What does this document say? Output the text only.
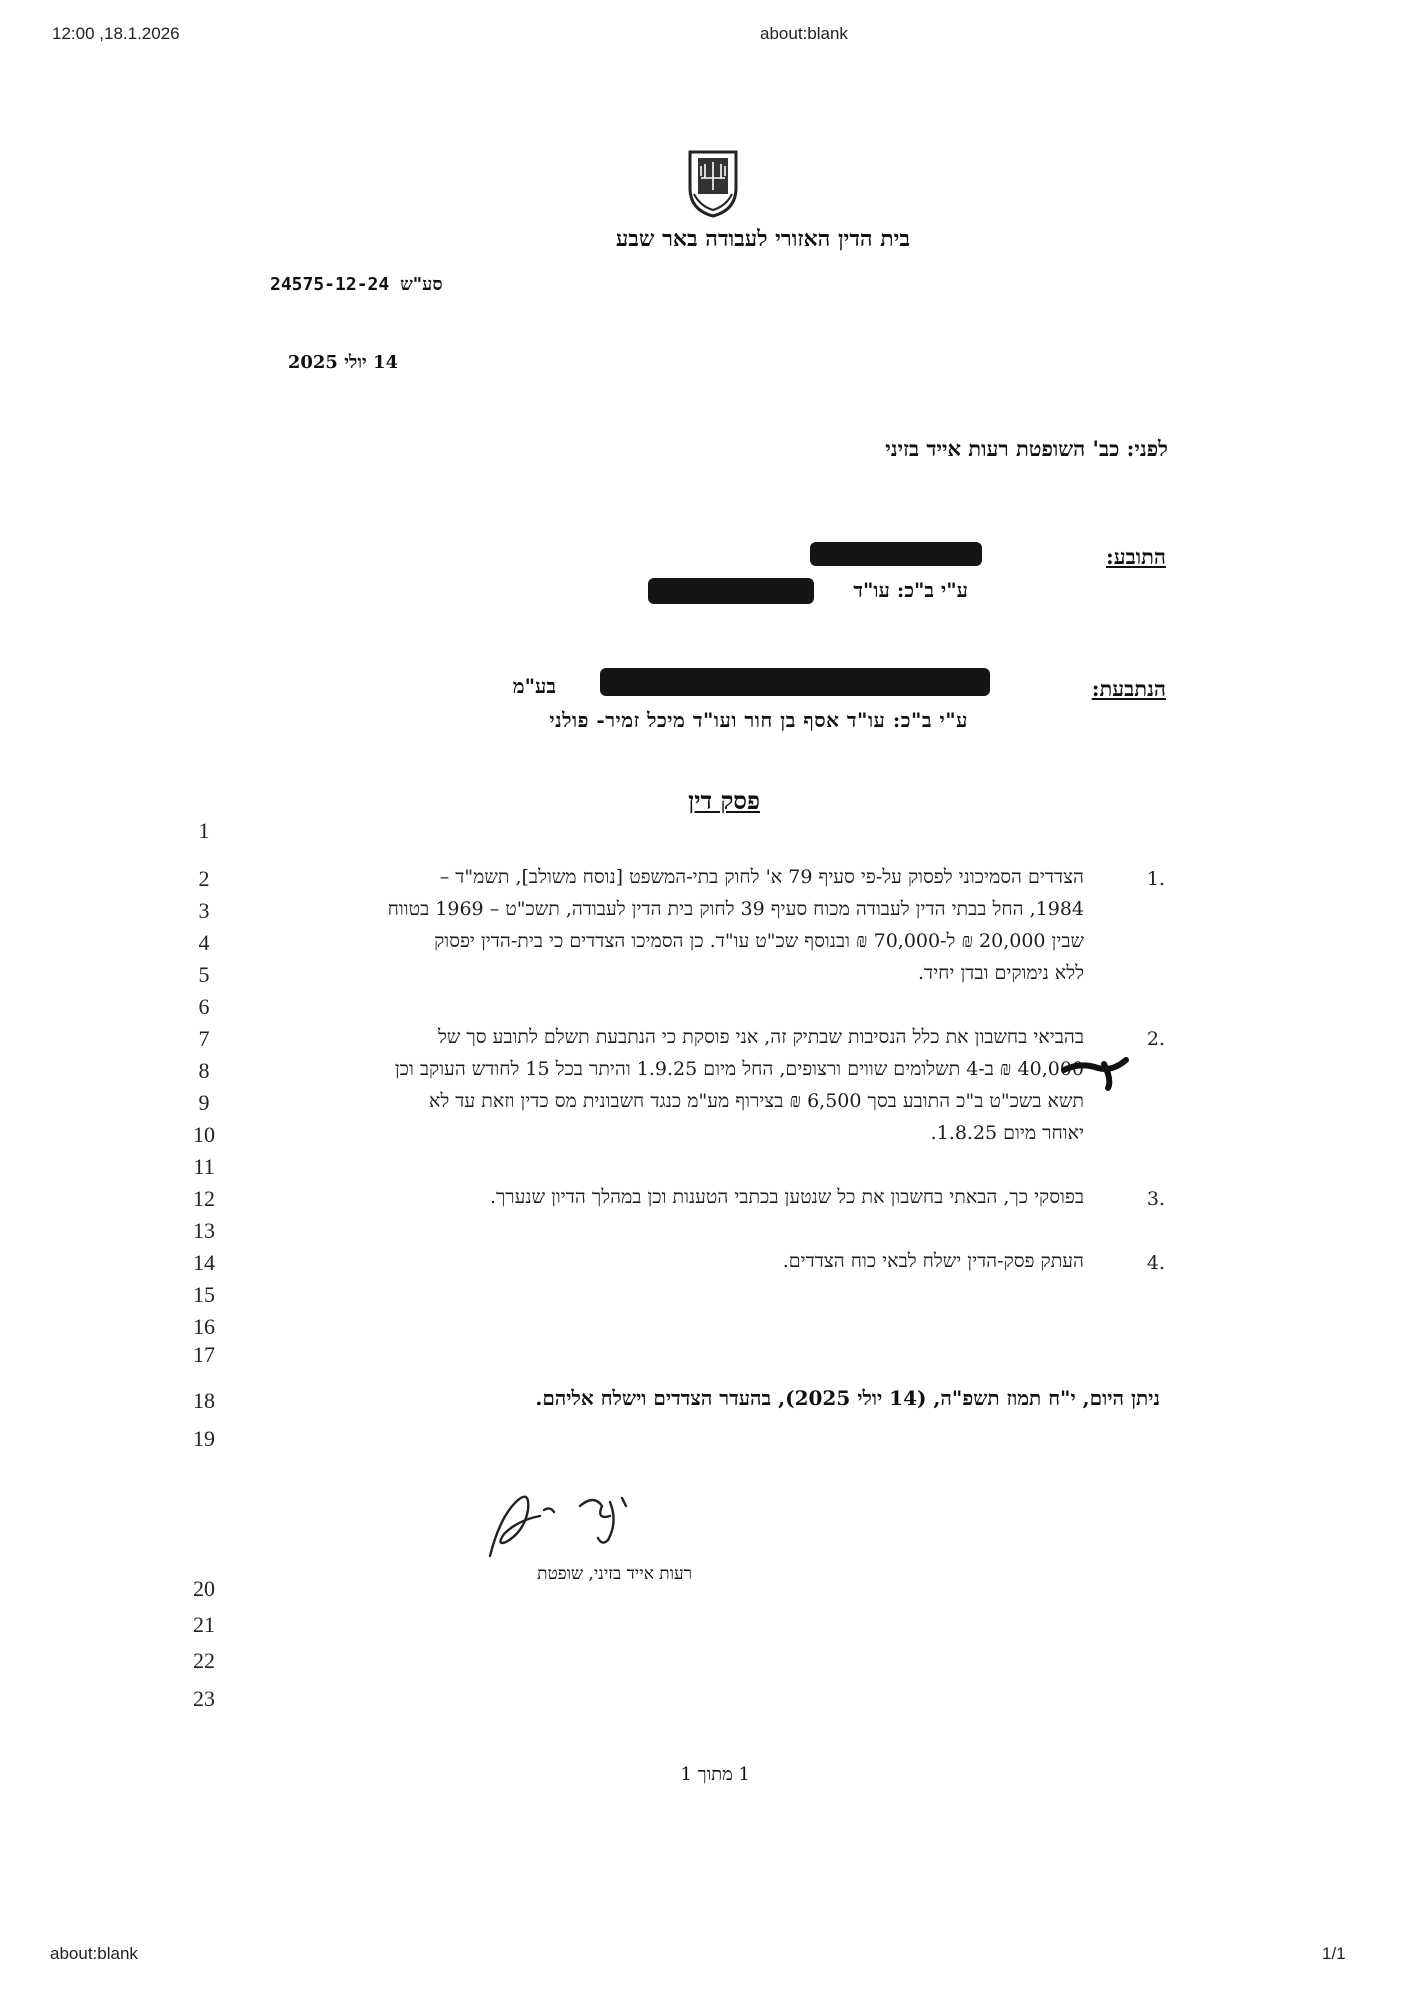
12:00 ,18.1.2026	about:blank
בית הדין האזורי לעבודה באר שבע
24575-12-24 סע"ש
14 יולי 2025
לפני: כב' השופטת רעות אייד בזיני
התובע:
ע"י ב"כ: עו"ד
הנתבעת:
בע"מ
ע"י ב"כ: עו"ד אסף בן חור ועו"ד מיכל זמיר- פולני
פסק דין
1
2
3
4
5
6
7
8
9
10
11
12
13
14
15
16
17
18
19
20
21
22
23
1.
הצדדים הסמיכוני לפסוק על-פי סעיף 79 א' לחוק בתי-המשפט [נוסח משולב], תשמ"ד –
1984, החל בבתי הדין לעבודה מכוח סעיף 39 לחוק בית הדין לעבודה, תשכ"ט – 1969 בטווח
שבין 20,000 ₪ ל-70,000 ₪ ובנוסף שכ"ט עו"ד. כן הסמיכו הצדדים כי בית-הדין יפסוק
ללא נימוקים ובדן יחיד.
2.
בהביאי בחשבון את כלל הנסיבות שבתיק זה, אני פוסקת כי הנתבעת תשלם לתובע סך של
40,000 ₪ ב-4 תשלומים שווים ורצופים, החל מיום 1.9.25 והיתר בכל 15 לחודש העוקב וכן
תשא בשכ"ט ב"כ התובע בסך 6,500 ₪ בצירוף מע"מ כנגד חשבונית מס כדין וזאת עד לא
יאוחר מיום 1.8.25.
3.
בפוסקי כך, הבאתי בחשבון את כל שנטען בכתבי הטענות וכן במהלך הדיון שנערך.
4.
העתק פסק-הדין ישלח לבאי כוח הצדדים.
ניתן היום, י"ח תמוז תשפ"ה, (14 יולי 2025), בהעדר הצדדים וישלח אליהם.
רעות אייד בזיני, שופטת
1 מתוך 1
about:blank	1/1
